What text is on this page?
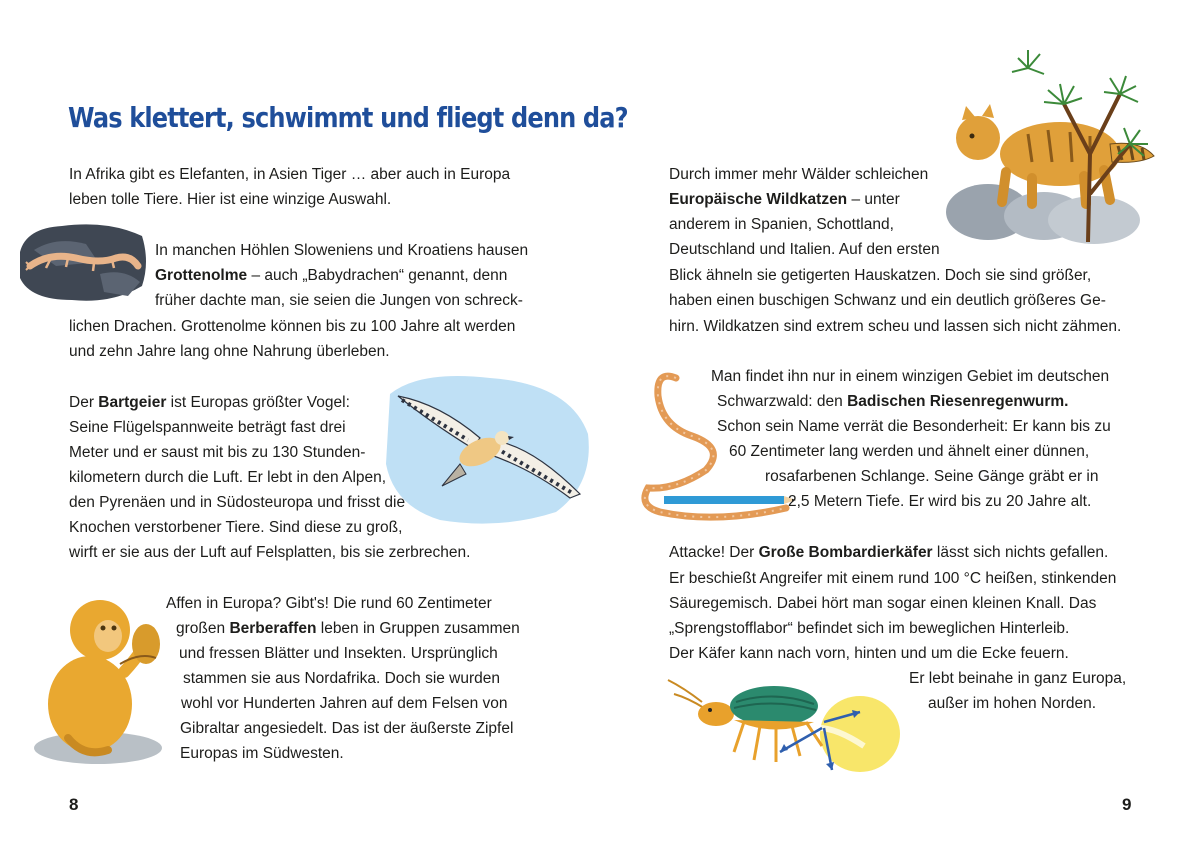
Was klettert, schwimmt und fliegt denn da?
In Afrika gibt es Elefanten, in Asien Tiger … aber auch in Europa
leben tolle Tiere. Hier ist eine winzige Auswahl.
In manchen Höhlen Sloweniens und Kroatiens hausen
Grottenolme – auch „Babydrachen“ genannt, denn
früher dachte man, sie seien die Jungen von schreck-
lichen Drachen. Grottenolme können bis zu 100 Jahre alt werden
und zehn Jahre lang ohne Nahrung überleben.
Der Bartgeier ist Europas größter Vogel:
Seine Flügelspannweite beträgt fast drei
Meter und er saust mit bis zu 130 Stunden-
kilometern durch die Luft. Er lebt in den Alpen,
den Pyrenäen und in Südosteuropa und frisst die
Knochen verstorbener Tiere. Sind diese zu groß,
wirft er sie aus der Luft auf Felsplatten, bis sie zerbrechen.
Affen in Europa? Gibt's! Die rund 60 Zentimeter
großen Berberaffen leben in Gruppen zusammen
und fressen Blätter und Insekten. Ursprünglich
stammen sie aus Nordafrika. Doch sie wurden
wohl vor Hunderten Jahren auf dem Felsen von
Gibraltar angesiedelt. Das ist der äußerste Zipfel
Europas im Südwesten.
8
Durch immer mehr Wälder schleichen
Europäische Wildkatzen – unter
anderem in Spanien, Schottland,
Deutschland und Italien. Auf den ersten
Blick ähneln sie getigerten Hauskatzen. Doch sie sind größer,
haben einen buschigen Schwanz und ein deutlich größeres Ge-
hirn. Wildkatzen sind extrem scheu und lassen sich nicht zähmen.
Man findet ihn nur in einem winzigen Gebiet im deutschen
Schwarzwald: den Badischen Riesenregenwurm.
Schon sein Name verrät die Besonderheit: Er kann bis zu
60 Zentimeter lang werden und ähnelt einer dünnen,
rosafarbenen Schlange. Seine Gänge gräbt er in
2,5 Metern Tiefe. Er wird bis zu 20 Jahre alt.
Attacke! Der Große Bombardierkäfer lässt sich nichts gefallen.
Er beschießt Angreifer mit einem rund 100 °C heißen, stinkenden
Säuregemisch. Dabei hört man sogar einen kleinen Knall. Das
„Sprengstofflabor“ befindet sich im beweglichen Hinterleib.
Der Käfer kann nach vorn, hinten und um die Ecke feuern.
Er lebt beinahe in ganz Europa,
außer im hohen Norden.
9
